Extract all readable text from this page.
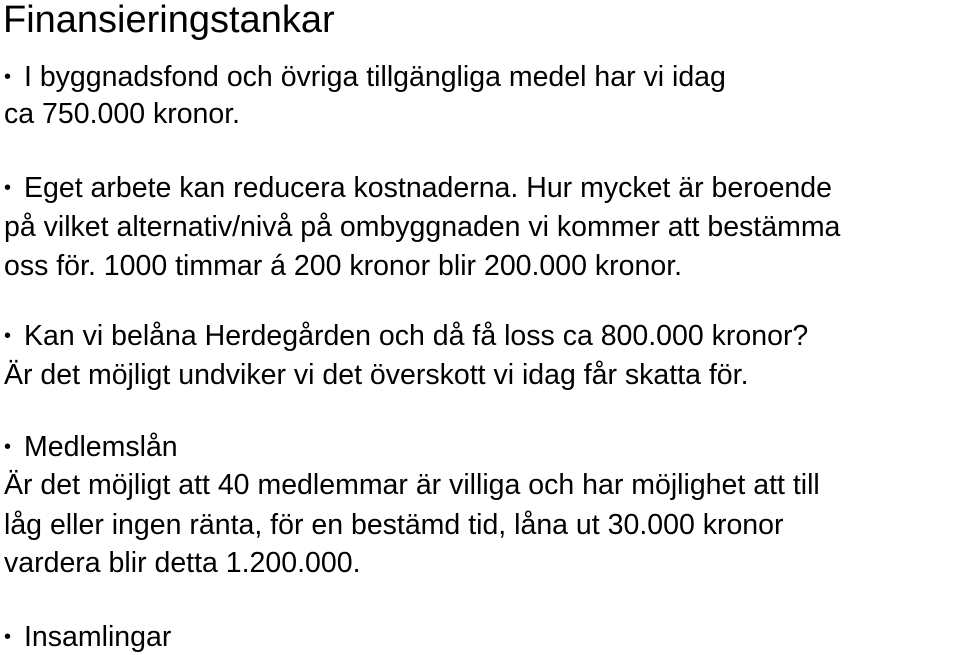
Finansieringstankar

• I byggnadsfond och övriga tillgängliga medel har vi idag

ca 750.000 kronor.

• Eget arbete kan reducera kostnaderna. Hur mycket är beroende

på vilket alternativ/nivå på ombyggnaden vi kommer att bestämma

oss för. 1000 timmar á 200 kronor blir 200.000 kronor.

• Kan vi belåna Herdegården och då få loss ca 800.000 kronor?

Är det möjligt undviker vi det överskott vi idag får skatta för.

• Medlemslån

Är det möjligt att 40 medlemmar är villiga och har möjlighet att till

låg eller ingen ränta, för en bestämd tid, låna ut 30.000 kronor

vardera blir detta 1.200.000.

• Insamlingar
